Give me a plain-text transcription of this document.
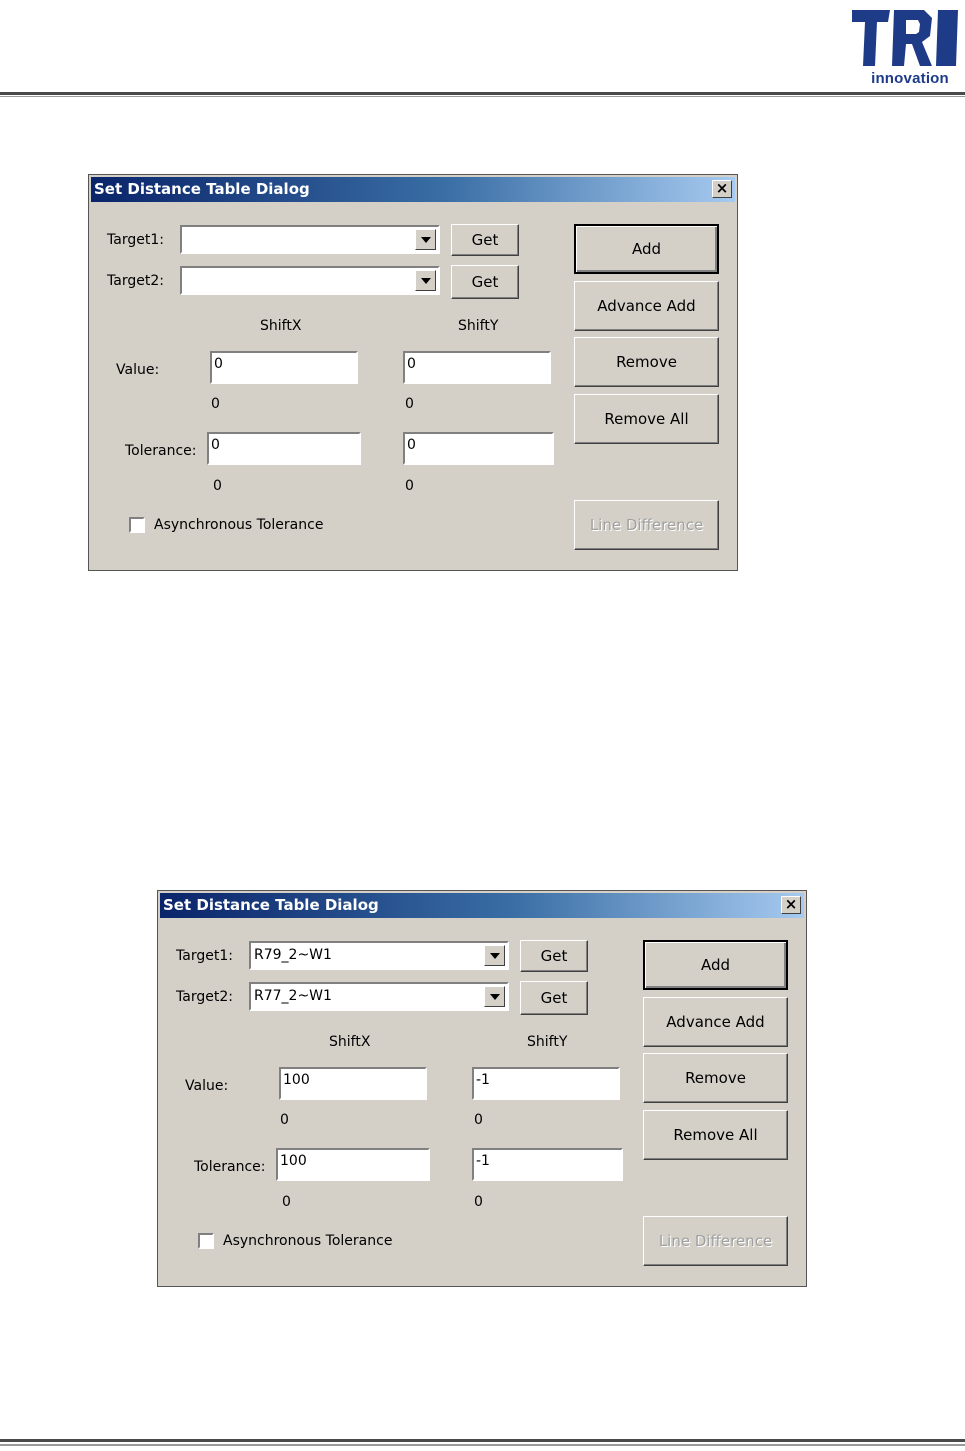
innovation
Set Distance Table Dialog	×
Target1:	Get
Target2:	Get
ShiftX	ShiftY
Value:	0	0
0	0
Tolerance: 0	0
0	0
Asynchronous Tolerance
Add
Advance Add
Remove
Remove All
Line Difference
Set Distance Table Dialog	×
Target1: R79_2~W1	Get
Target2: R77_2~W1	Get
ShiftX	ShiftY
Value:	100	-1
0	0
Tolerance: 100	-1
0	0
Asynchronous Tolerance
Add
Advance Add
Remove
Remove All
Line Difference
